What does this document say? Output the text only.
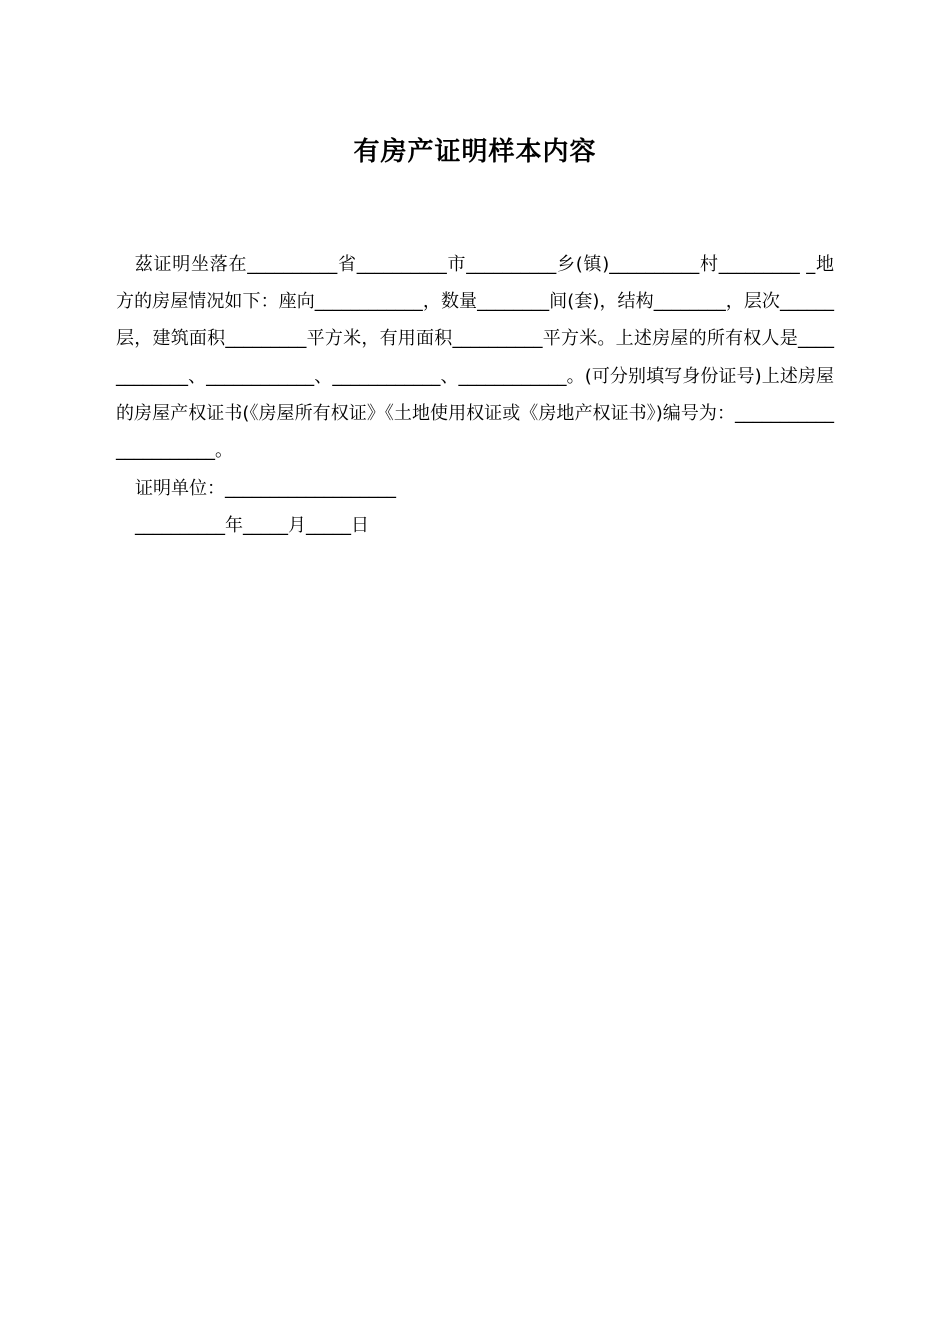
有房产证明样本内容

　茲证明坐落在__________省__________市__________乡(镇)__________村_________ _地方的房屋情况如下：座向____________，数量________间(套)，结构________，层次______层，建筑面积_________平方米，有用面积__________平方米。上述房屋的所有权人是____________、____________、____________、____________。(可分别填写身份证号)上述房屋的房屋产权证书(《房屋所有权证》《土地使用权证或《房地产权证书》)编号为：______________________。

证明单位：___________________

__________年_____月_____日
